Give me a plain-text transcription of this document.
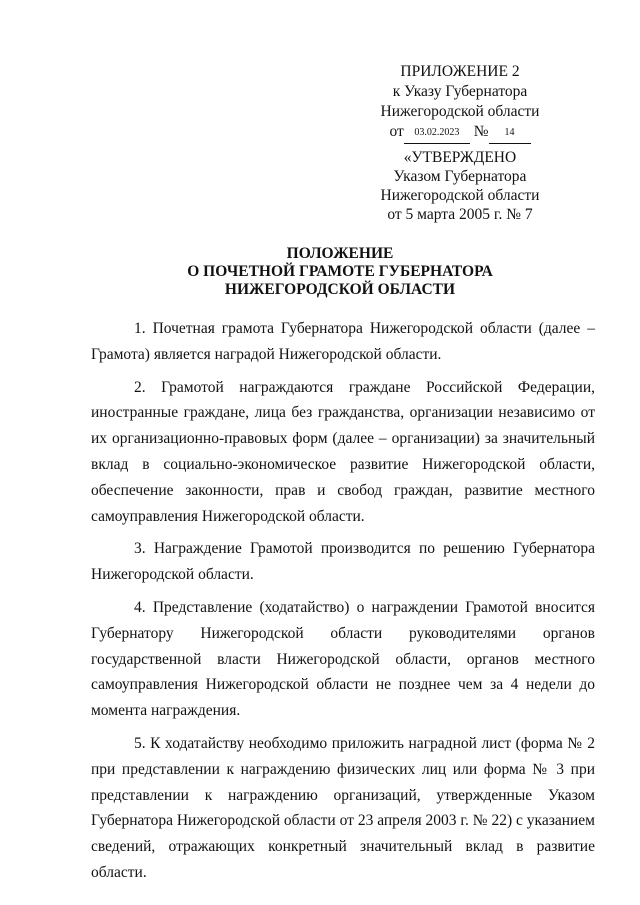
ПРИЛОЖЕНИЕ 2
к Указу Губернатора
Нижегородской области
от 03.02.2023 № 14
«УТВЕРЖДЕНО
Указом Губернатора
Нижегородской области
от 5 марта 2005 г. № 7
ПОЛОЖЕНИЕ
О ПОЧЕТНОЙ ГРАМОТЕ ГУБЕРНАТОРА
НИЖЕГОРОДСКОЙ ОБЛАСТИ

1. Почетная грамота Губернатора Нижегородской области (далее – Грамота) является наградой Нижегородской области.

2. Грамотой награждаются граждане Российской Федерации, иностранные граждане, лица без гражданства, организации независимо от их организационно-правовых форм (далее – организации) за значительный вклад в социально-экономическое развитие Нижегородской области, обеспечение законности, прав и свобод граждан, развитие местного самоуправления Нижегородской области.

3. Награждение Грамотой производится по решению Губернатора Нижегородской области.

4. Представление (ходатайство) о награждении Грамотой вносится Губернатору Нижегородской области руководителями органов государственной власти Нижегородской области, органов местного самоуправления Нижегородской области не позднее чем за 4 недели до момента награждения.

5. К ходатайству необходимо приложить наградной лист (форма № 2 при представлении к награждению физических лиц или форма № 3 при представлении к награждению организаций, утвержденные Указом Губернатора Нижегородской области от 23 апреля 2003 г. № 22) с указанием сведений, отражающих конкретный значительный вклад в развитие области.
